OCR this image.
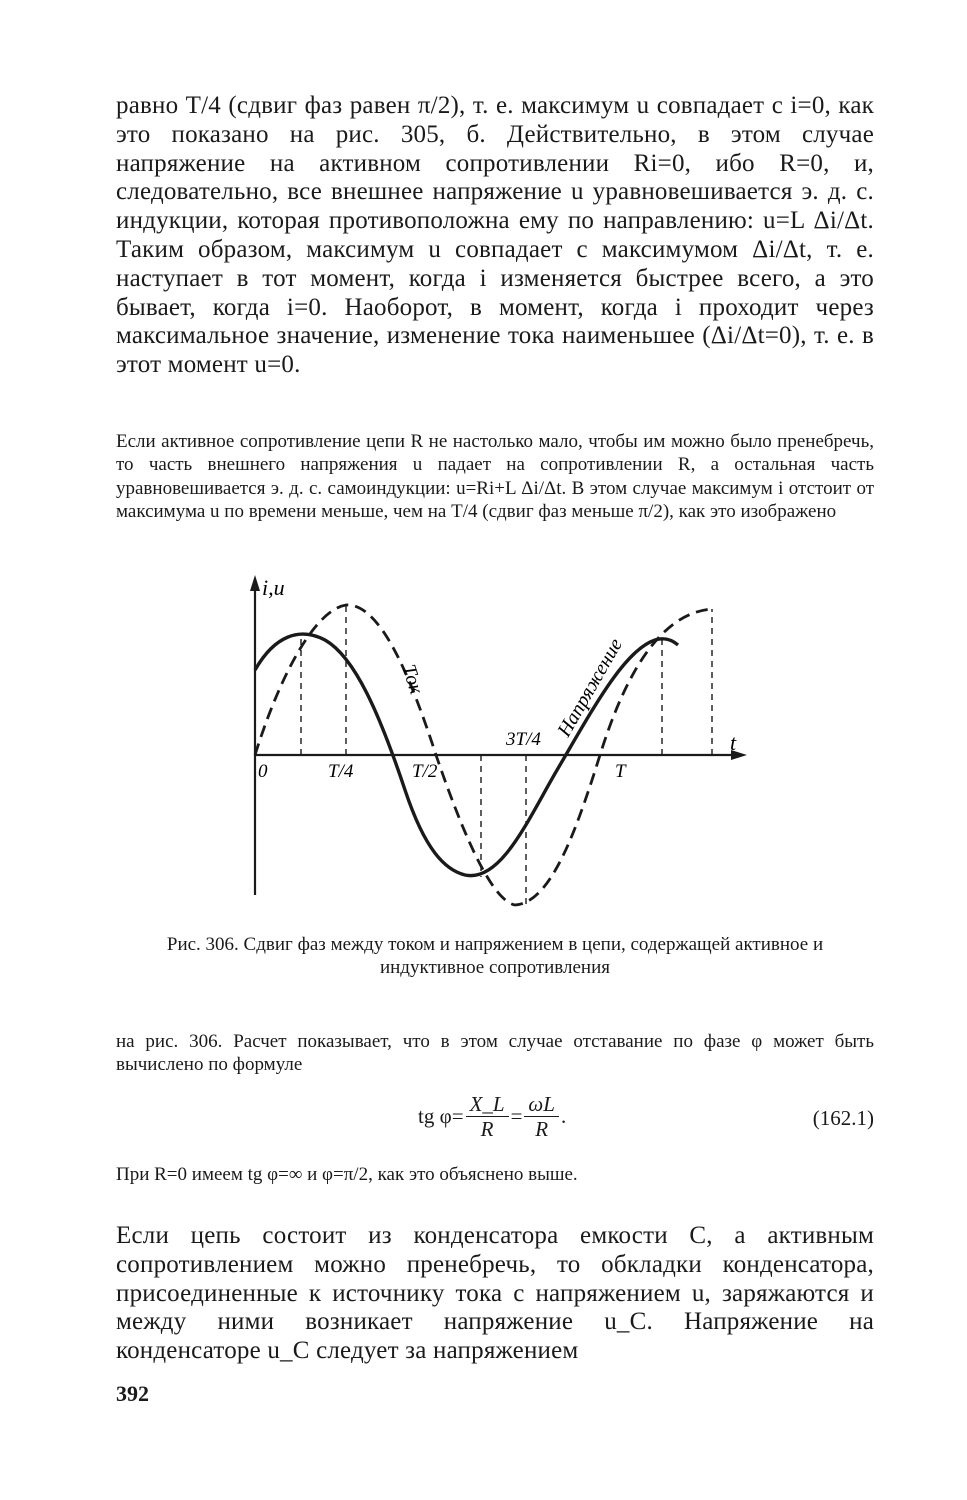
равно T/4 (сдвиг фаз равен π/2), т. е. максимум u совпадает с i=0, как это показано на рис. 305, б. Действительно, в этом случае напряжение на активном сопротивлении Ri=0, ибо R=0, и, следовательно, все внешнее напряжение u уравновешивается э. д. с. индукции, которая противоположна ему по направлению: u=L Δi/Δt. Таким образом, максимум u совпадает с максимумом Δi/Δt, т. е. наступает в тот момент, когда i изменяется быстрее всего, а это бывает, когда i=0. Наоборот, в момент, когда i проходит через максимальное значение, изменение тока наименьшее (Δi/Δt=0), т. е. в этот момент u=0.

Если активное сопротивление цепи R не настолько мало, чтобы им можно было пренебречь, то часть внешнего напряжения u падает на сопротивлении R, а остальная часть уравновешивается э. д. с. самоиндукции: u=Ri+L Δi/Δt. В этом случае максимум i отстоит от максимума u по времени меньше, чем на T/4 (сдвиг фаз меньше π/2), как это изображено

i,u
t
0	T/4	T/2
3T/4
T
Ток	Напряжение

Рис. 306. Сдвиг фаз между током и напряжением в цепи, содержащей активное и индуктивное сопротивления

на рис. 306. Расчет показывает, что в этом случае отставание по фазе φ может быть вычислено по формуле

tg $\varphi= \frac{X\_L}{R} = \frac{\omega L}{R}$ .	(162.1)

При R=0 имеем tg φ=∞ и φ=π/2, как это объяснено выше.

Если цепь состоит из конденсатора емкости C, а активным сопротивлением можно пренебречь, то обкладки конденсатора, присоединенные к источнику тока с напряжением u, заряжаются и между ними возникает напряжение u_C. Напряжение на конденсаторе u_C следует за напряжением

392
